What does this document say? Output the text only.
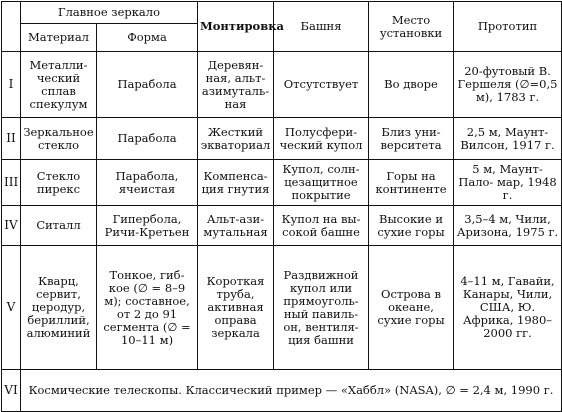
	Главное зеркало		Монтировка	Башня	Место установки	Прототип
	Материал	Форма				
I	Металли- ческий сплав спекулум	Парабола	Деревян- ная, альт- азимуталь- ная	Отсутствует	Во дворе	20-футовый В. Гершеля (∅=0,5 м), 1783 г.
II	Зеркальное стекло	Парабола	Жесткий экваториал	Полусфери- ческий купол	Близ уни- верситета	2,5 м, Маунт- Вилсон, 1917 г.
III	Стекло пирекс	Парабола, ячеистая	Компенса- ция гнутия	Купол, солн- цезащитное покрытие	Горы на континенте	5 м, Маунт-Пало- мар, 1948 г.
IV	Ситалл	Гипербола, Ричи-Кретьен	Альт-ази- мутальная	Купол на вы- сокой башне	Высокие и сухие горы	3,5–4 м, Чили, Аризона, 1975 г.
V	Кварц, сервит, церодур, бериллий, алюминий	Тонкое, гиб- кое (∅ = 8–9 м); составное, от 2 до 91 сегмента (∅ = 10–11 м)	Короткая труба, активная оправа зеркала	Раздвижной купол или прямоуголь- ный павиль- он, вентиля- ция башни	Острова в океане, сухие горы	4–11 м, Гавайи, Канары, Чили, США, Ю. Африка, 1980–2000 гг.
VI	Космические телескопы. Классический пример — «Хаббл» (NASA), ∅ = 2,4 м, 1990 г.					
